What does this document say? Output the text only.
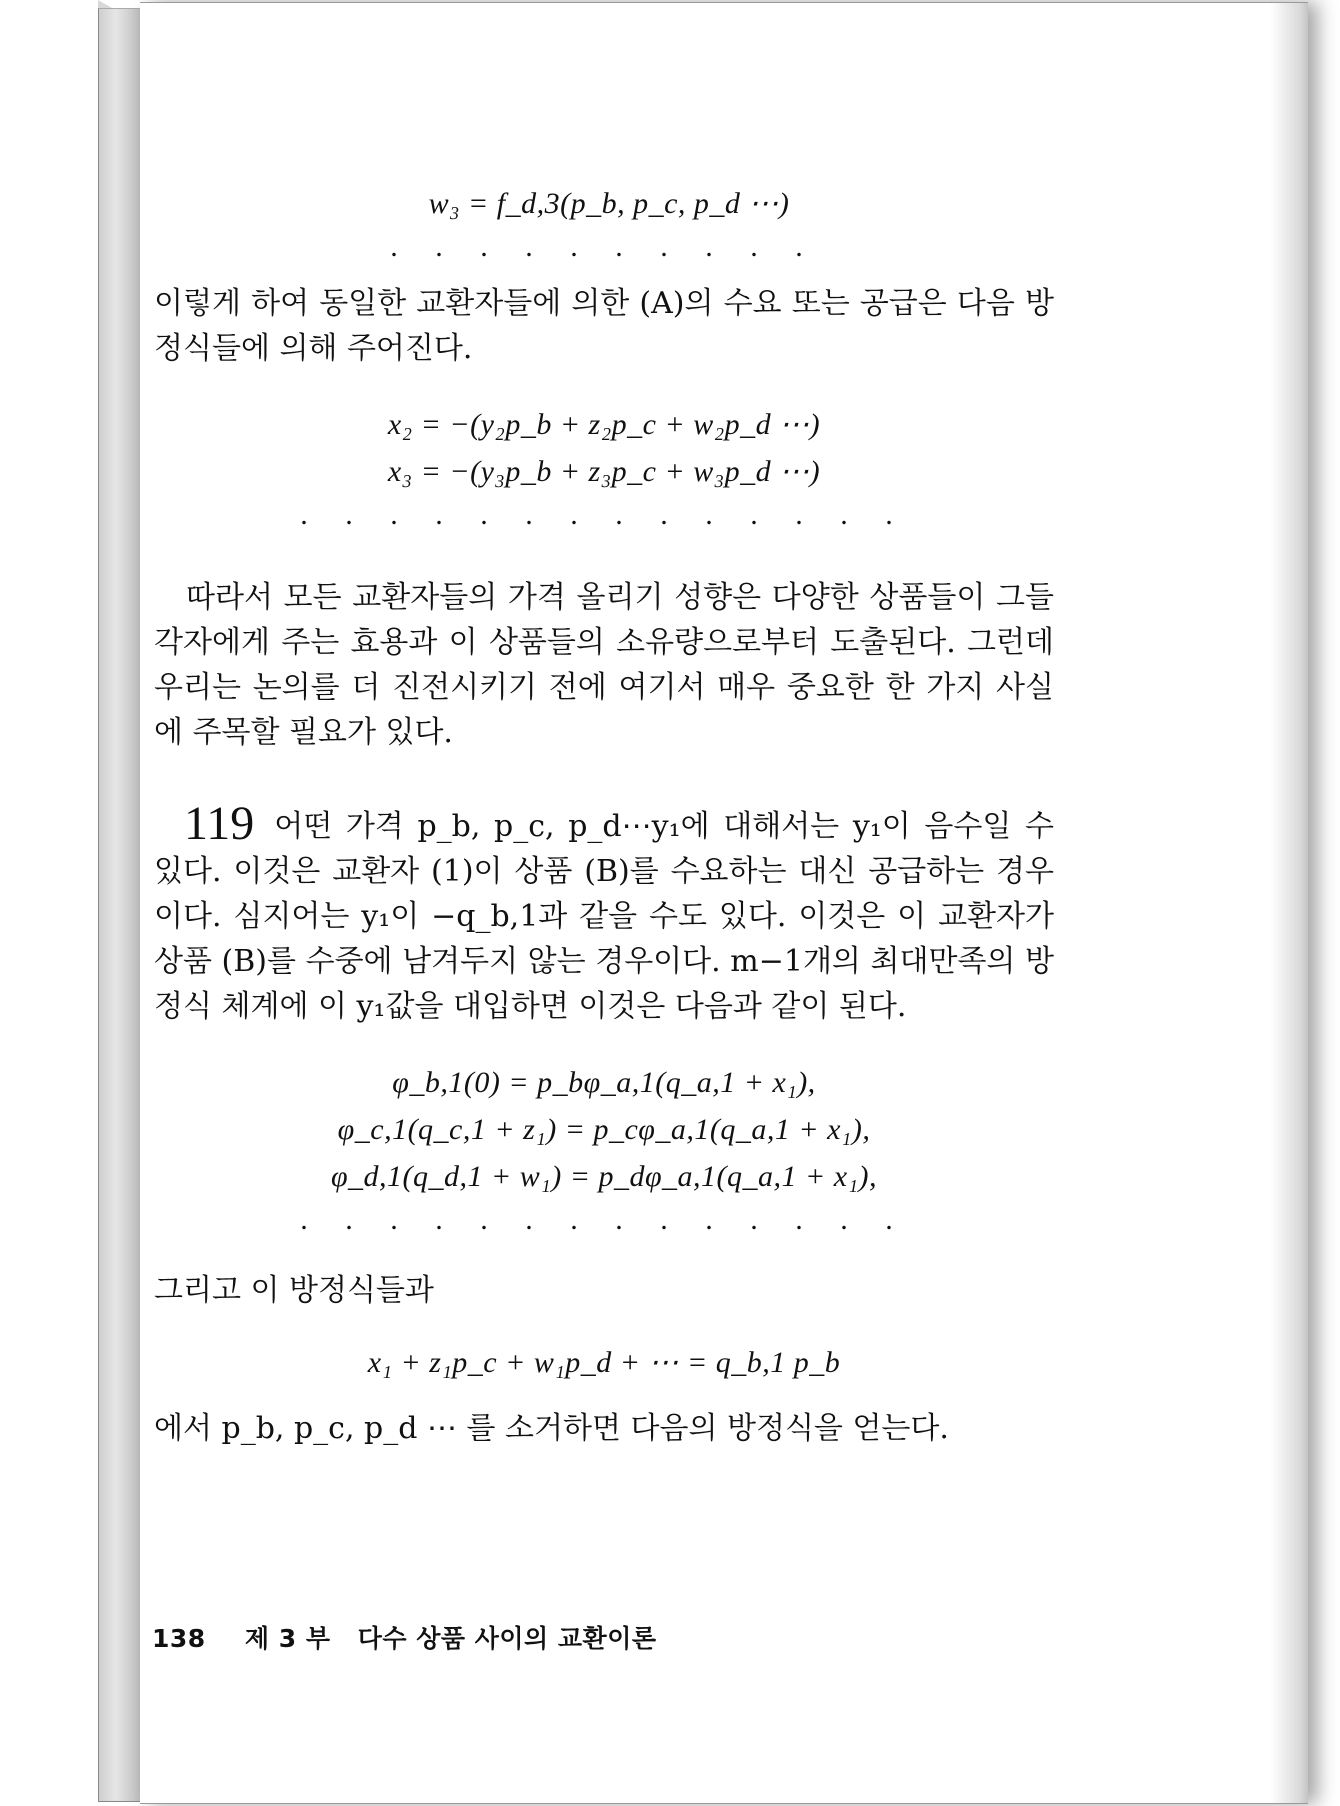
w₃ = f_d,3(p_b, p_c, p_d ⋯)
. . . . . . . . . .

이렇게 하여 동일한 교환자들에 의한 (A)의 수요 또는 공급은 다음 방정식들에 의해 주어진다.

x₂ = −(y₂p_b + z₂p_c + w₂p_d ⋯)
x₃ = −(y₃p_b + z₃p_c + w₃p_d ⋯)
. . . . . . . . . . . . . .

따라서 모든 교환자들의 가격 올리기 성향은 다양한 상품들이 그들 각자에게 주는 효용과 이 상품들의 소유량으로부터 도출된다. 그런데 우리는 논의를 더 진전시키기 전에 여기서 매우 중요한 한 가지 사실에 주목할 필요가 있다.

119 어떤 가격 p_b, p_c, p_d⋯y₁에 대해서는 y₁이 음수일 수 있다. 이것은 교환자 (1)이 상품 (B)를 수요하는 대신 공급하는 경우이다. 심지어는 y₁이 −q_b,1과 같을 수도 있다. 이것은 이 교환자가 상품 (B)를 수중에 남겨두지 않는 경우이다. m−1개의 최대만족의 방정식 체계에 이 y₁값을 대입하면 이것은 다음과 같이 된다.

φ_b,1(0) = p_bφ_a,1(q_a,1 + x₁),
φ_c,1(q_c,1 + z₁) = p_cφ_a,1(q_a,1 + x₁),
φ_d,1(q_d,1 + w₁) = p_dφ_a,1(q_a,1 + x₁),
. . . . . . . . . . . . . .

그리고 이 방정식들과

x₁ + z₁p_c + w₁p_d + ⋯ = q_b,1 p_b

에서 p_b, p_c, p_d ⋯ 를 소거하면 다음의 방정식을 얻는다.

138 제 3 부 다수 상품 사이의 교환이론
